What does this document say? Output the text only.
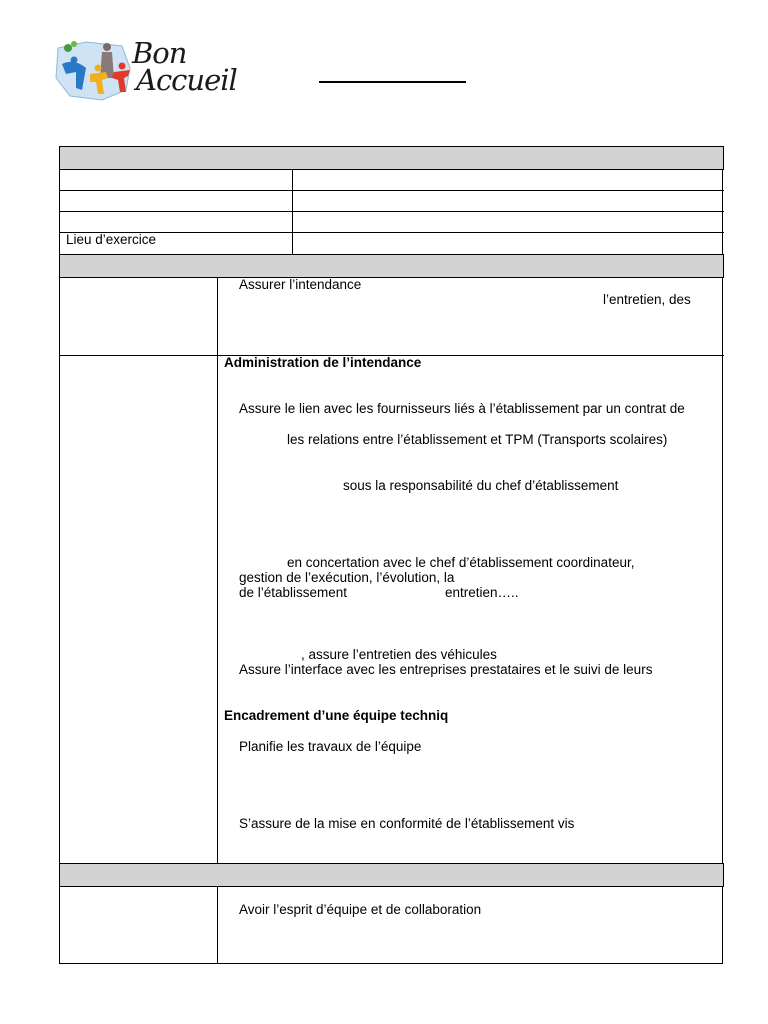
Bon
Accueil
Lieu d’exercice
Assurer l’intendance
l’entretien, des
Administration de l’intendance
Assure le lien avec les fournisseurs liés à l’établissement par un contrat de
les relations entre l’établissement et TPM (Transports scolaires)
sous la responsabilité du chef d’établissement
en concertation avec le chef d’établissement coordinateur,
gestion de l’exécution, l’évolution, la
de l’établissement	entretien…..
, assure l’entretien des véhicules
Assure l’interface avec les entreprises prestataires et le suivi de leurs
Encadrement d’une équipe techniq
Planifie les travaux de l’équipe
S’assure de la mise en conformité de l’établissement vis
Avoir l’esprit d’équipe et de collaboration
